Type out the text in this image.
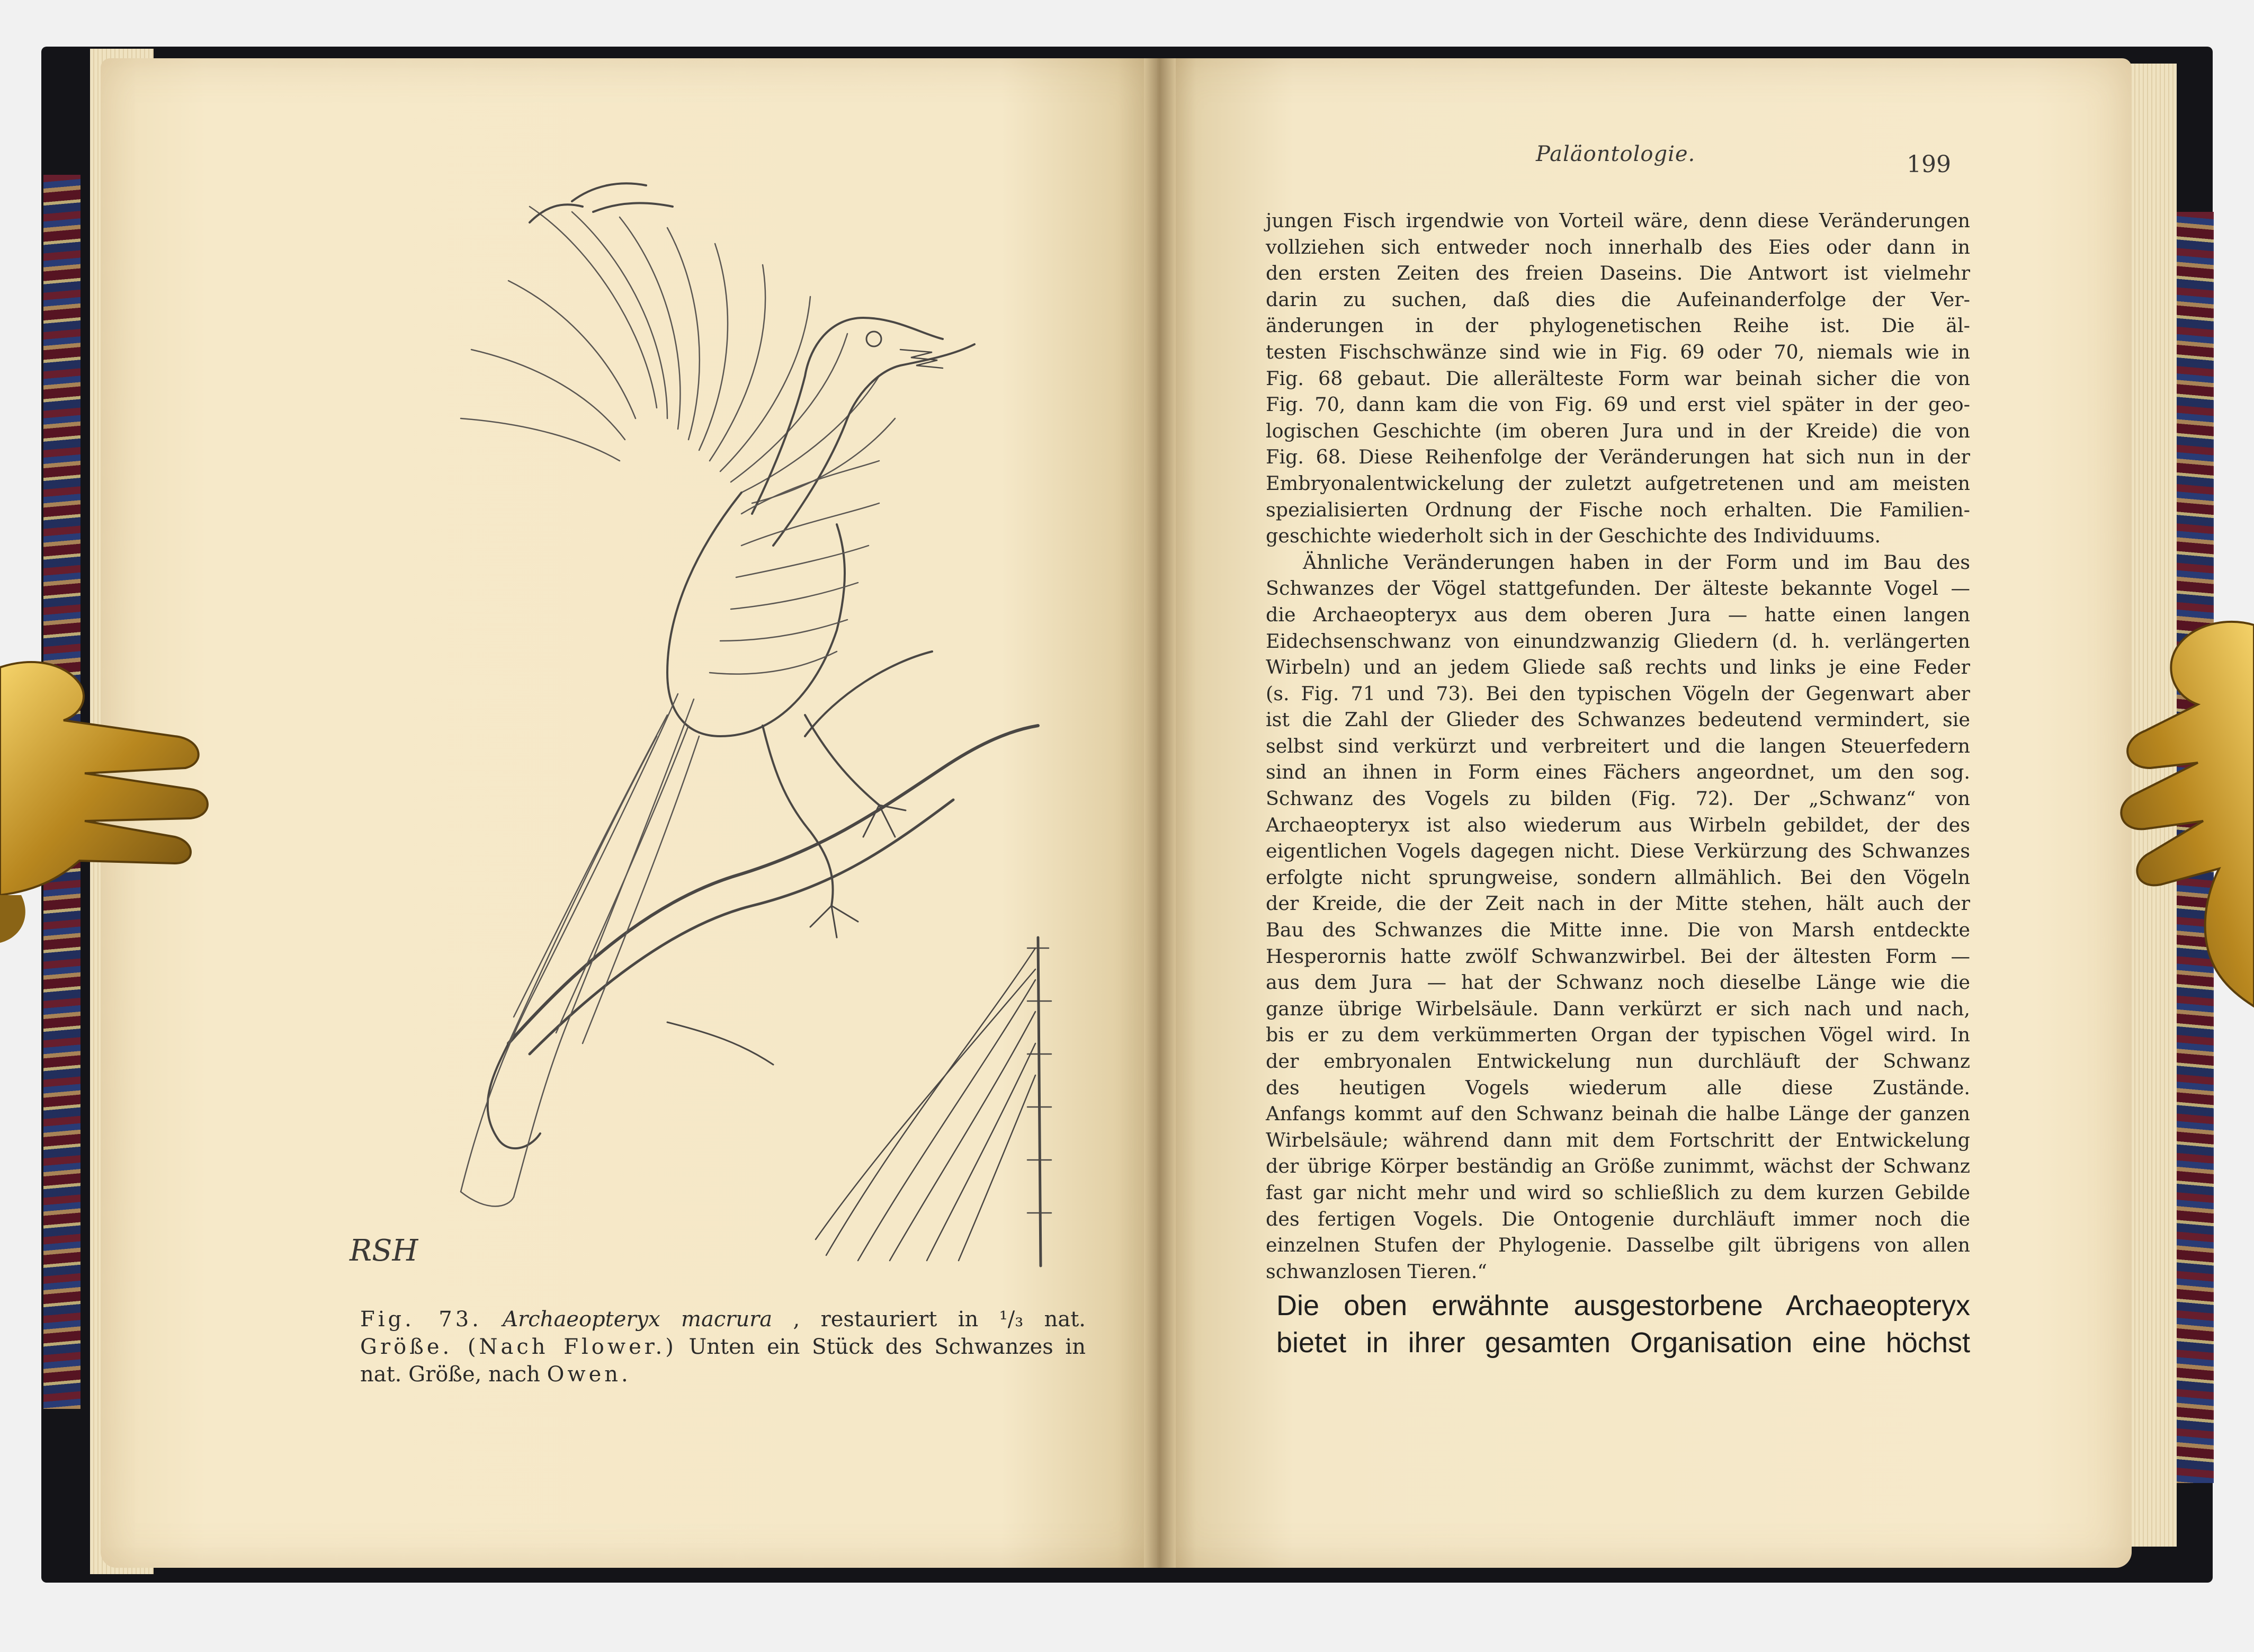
RSH
Fig. 73. Archaeopteryx macrura , restauriert in ¹/₃ nat.
Größe. (Nach Flower.) Unten ein Stück des Schwanzes in
nat. Größe, nach Owen.
Paläontologie.	199
jungen Fisch irgendwie von Vorteil wäre, denn diese Veränderungen
vollziehen sich entweder noch innerhalb des Eies oder dann in
den ersten Zeiten des freien Daseins. Die Antwort ist vielmehr
darin zu suchen, daß dies die Aufeinanderfolge der Ver-
änderungen in der phylogenetischen Reihe ist. Die äl-
testen Fischschwänze sind wie in Fig. 69 oder 70, niemals wie in
Fig. 68 gebaut. Die allerälteste Form war beinah sicher die von
Fig. 70, dann kam die von Fig. 69 und erst viel später in der geo-
logischen Geschichte (im oberen Jura und in der Kreide) die von
Fig. 68. Diese Reihenfolge der Veränderungen hat sich nun in der
Embryonalentwickelung der zuletzt aufgetretenen und am meisten
spezialisierten Ordnung der Fische noch erhalten. Die Familien-
geschichte wiederholt sich in der Geschichte des Individuums.
Ähnliche Veränderungen haben in der Form und im Bau des
Schwanzes der Vögel stattgefunden. Der älteste bekannte Vogel —
die Archaeopteryx aus dem oberen Jura — hatte einen langen
Eidechsenschwanz von einundzwanzig Gliedern (d. h. verlängerten
Wirbeln) und an jedem Gliede saß rechts und links je eine Feder
(s. Fig. 71 und 73). Bei den typischen Vögeln der Gegenwart aber
ist die Zahl der Glieder des Schwanzes bedeutend vermindert, sie
selbst sind verkürzt und verbreitert und die langen Steuerfedern
sind an ihnen in Form eines Fächers angeordnet, um den sog.
Schwanz des Vogels zu bilden (Fig. 72). Der „Schwanz“ von
Archaeopteryx ist also wiederum aus Wirbeln gebildet, der des
eigentlichen Vogels dagegen nicht. Diese Verkürzung des Schwanzes
erfolgte nicht sprungweise, sondern allmählich. Bei den Vögeln
der Kreide, die der Zeit nach in der Mitte stehen, hält auch der
Bau des Schwanzes die Mitte inne. Die von Marsh entdeckte
Hesperornis hatte zwölf Schwanzwirbel. Bei der ältesten Form —
aus dem Jura — hat der Schwanz noch dieselbe Länge wie die
ganze übrige Wirbelsäule. Dann verkürzt er sich nach und nach,
bis er zu dem verkümmerten Organ der typischen Vögel wird. In
der embryonalen Entwickelung nun durchläuft der Schwanz
des heutigen Vogels wiederum alle diese Zustände.
Anfangs kommt auf den Schwanz beinah die halbe Länge der ganzen
Wirbelsäule; während dann mit dem Fortschritt der Entwickelung
der übrige Körper beständig an Größe zunimmt, wächst der Schwanz
fast gar nicht mehr und wird so schließlich zu dem kurzen Gebilde
des fertigen Vogels. Die Ontogenie durchläuft immer noch die
einzelnen Stufen der Phylogenie. Dasselbe gilt übrigens von allen
schwanzlosen Tieren.“
Die oben erwähnte ausgestorbene Archaeopteryx
bietet in ihrer gesamten Organisation eine höchst
